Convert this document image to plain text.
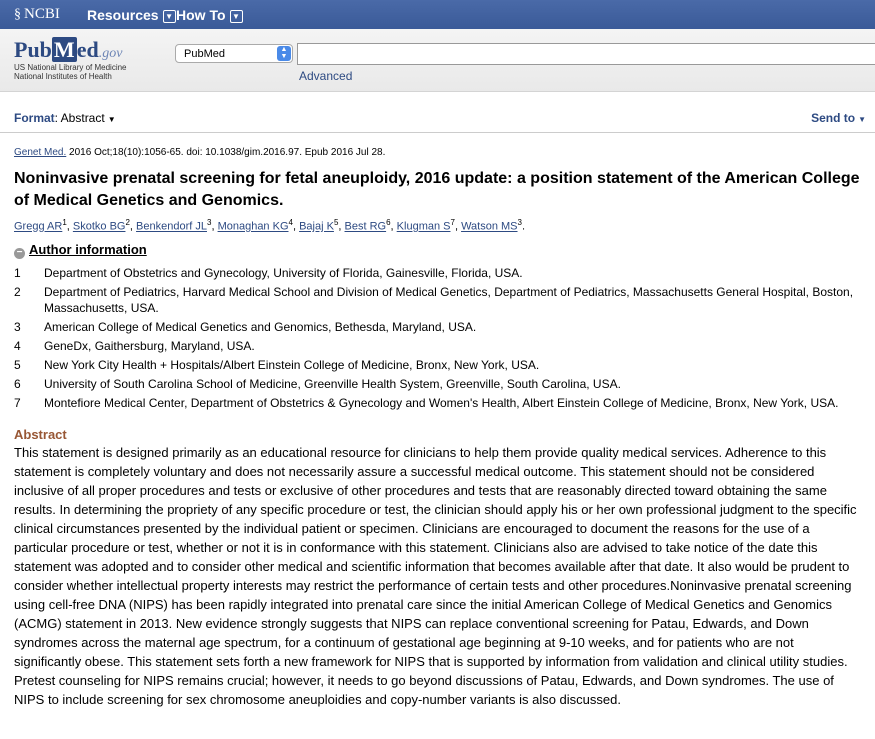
§ NCBI Resources ▼ How To ▼
PubMed.gov
US National Library of Medicine
National Institutes of Health
PubMed	▲
▼
Advanced
Format: Abstract ▼	Send to ▼
Genet Med. 2016 Oct;18(10):1056-65. doi: 10.1038/gim.2016.97. Epub 2016 Jul 28.
Noninvasive prenatal screening for fetal aneuploidy, 2016 update: a position statement of the American College of Medical Genetics and Genomics.
Gregg $AR^1$, Skotko $BG^2$, Benkendorf $JL^3$, Monaghan $KG^4$, Bajaj $K^5$, Best $RG^6$, Klugman $S^7$, Watson $MS^3$.
− Author information
1	Department of Obstetrics and Gynecology, University of Florida, Gainesville, Florida, USA.
2	Department of Pediatrics, Harvard Medical School and Division of Medical Genetics, Department of Pediatrics, Massachusetts General Hospital, Boston, Massachusetts, USA.
3	American College of Medical Genetics and Genomics, Bethesda, Maryland, USA.
4	GeneDx, Gaithersburg, Maryland, USA.
5	New York City Health + Hospitals/Albert Einstein College of Medicine, Bronx, New York, USA.
6	University of South Carolina School of Medicine, Greenville Health System, Greenville, South Carolina, USA.
7	Montefiore Medical Center, Department of Obstetrics & Gynecology and Women's Health, Albert Einstein College of Medicine, Bronx, New York, USA.
Abstract
This statement is designed primarily as an educational resource for clinicians to help them provide quality medical services. Adherence to this statement is completely voluntary and does not necessarily assure a successful medical outcome. This statement should not be considered inclusive of all proper procedures and tests or exclusive of other procedures and tests that are reasonably directed toward obtaining the same results. In determining the propriety of any specific procedure or test, the clinician should apply his or her own professional judgment to the specific clinical circumstances presented by the individual patient or specimen. Clinicians are encouraged to document the reasons for the use of a particular procedure or test, whether or not it is in conformance with this statement. Clinicians also are advised to take notice of the date this statement was adopted and to consider other medical and scientific information that becomes available after that date. It also would be prudent to consider whether intellectual property interests may restrict the performance of certain tests and other procedures.Noninvasive prenatal screening using cell-free DNA (NIPS) has been rapidly integrated into prenatal care since the initial American College of Medical Genetics and Genomics (ACMG) statement in 2013. New evidence strongly suggests that NIPS can replace conventional screening for Patau, Edwards, and Down syndromes across the maternal age spectrum, for a continuum of gestational age beginning at 9-10 weeks, and for patients who are not significantly obese. This statement sets forth a new framework for NIPS that is supported by information from validation and clinical utility studies. Pretest counseling for NIPS remains crucial; however, it needs to go beyond discussions of Patau, Edwards, and Down syndromes. The use of NIPS to include screening for sex chromosome aneuploidies and copy-number variants is also discussed.
